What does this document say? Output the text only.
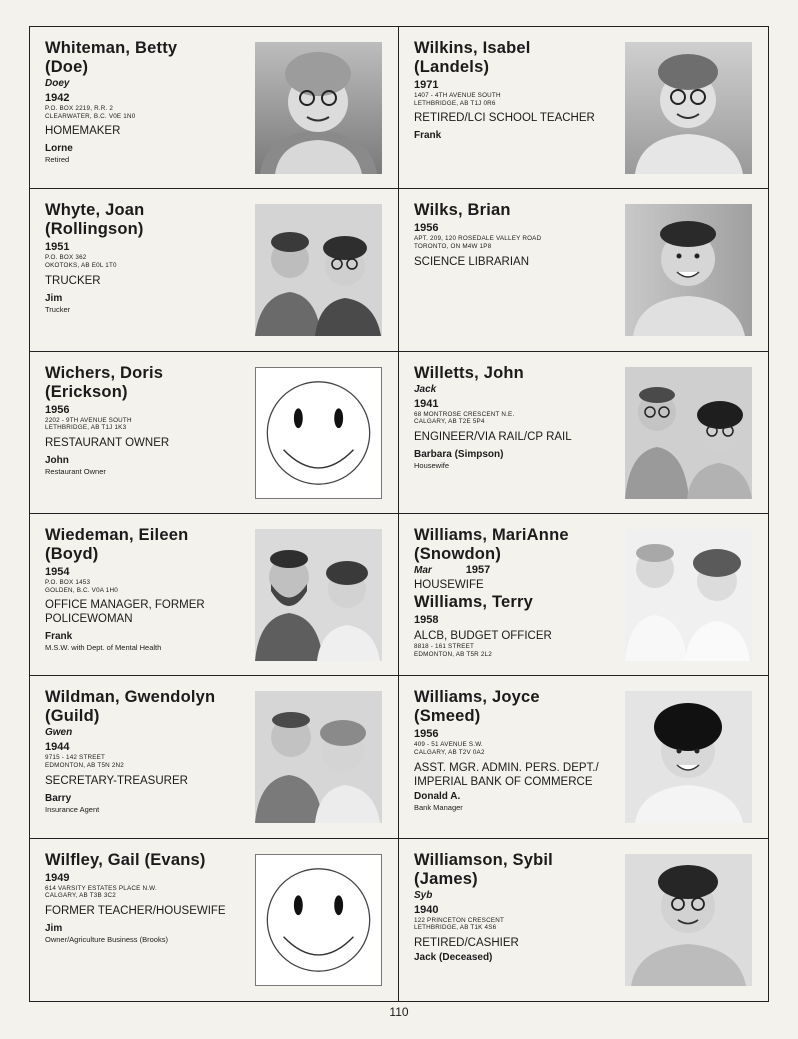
Whiteman, Betty
(Doe)
Doey
1942
P.O. BOX 2219, R.R. 2
CLEARWATER, B.C. V0E 1N0
HOMEMAKER
Lorne
Retired
Wilkins, Isabel
(Landels)
1971
1407 - 4TH AVENUE SOUTH
LETHBRIDGE, AB T1J 0R6
RETIRED/LCI SCHOOL TEACHER
Frank
Whyte, Joan
(Rollingson)
1951
P.O. BOX 362
OKOTOKS, AB E0L 1T0
TRUCKER
Jim
Trucker
Wilks, Brian
1956
APT. 209, 120 ROSEDALE VALLEY ROAD
TORONTO, ON M4W 1P8
SCIENCE LIBRARIAN
Wichers, Doris
(Erickson)
1956
2202 - 9TH AVENUE SOUTH
LETHBRIDGE, AB T1J 1K3
RESTAURANT OWNER
John
Restaurant Owner
Willetts, John
Jack
1941
68 MONTROSE CRESCENT N.E.
CALGARY, AB T2E 5P4
ENGINEER/VIA RAIL/CP RAIL
Barbara (Simpson)
Housewife
Wiedeman, Eileen
(Boyd)
1954
P.O. BOX 1453
GOLDEN, B.C. V0A 1H0
OFFICE MANAGER, FORMER POLICEWOMAN
Frank
M.S.W. with Dept. of Mental Health
Williams, MariAnne
(Snowdon)
Mar	1957
HOUSEWIFE
Williams, Terry
1958
ALCB, BUDGET OFFICER
8818 - 161 STREET
EDMONTON, AB T5R 2L2
Wildman, Gwendolyn
(Guild)
Gwen
1944
9715 - 142 STREET
EDMONTON, AB T5N 2N2
SECRETARY-TREASURER
Barry
Insurance Agent
Williams, Joyce
(Smeed)
1956
409 - 51 AVENUE S.W.
CALGARY, AB T2V 0A2
ASST. MGR. ADMIN. PERS. DEPT./ IMPERIAL BANK OF COMMERCE
Donald A.
Bank Manager
Wilfley, Gail (Evans)
1949
614 VARSITY ESTATES PLACE N.W.
CALGARY, AB T3B 3C2
FORMER TEACHER/HOUSEWIFE
Jim
Owner/Agriculture Business (Brooks)
Williamson, Sybil
(James)
Syb
1940
122 PRINCETON CRESCENT
LETHBRIDGE, AB T1K 4S6
RETIRED/CASHIER
Jack (Deceased)
110
